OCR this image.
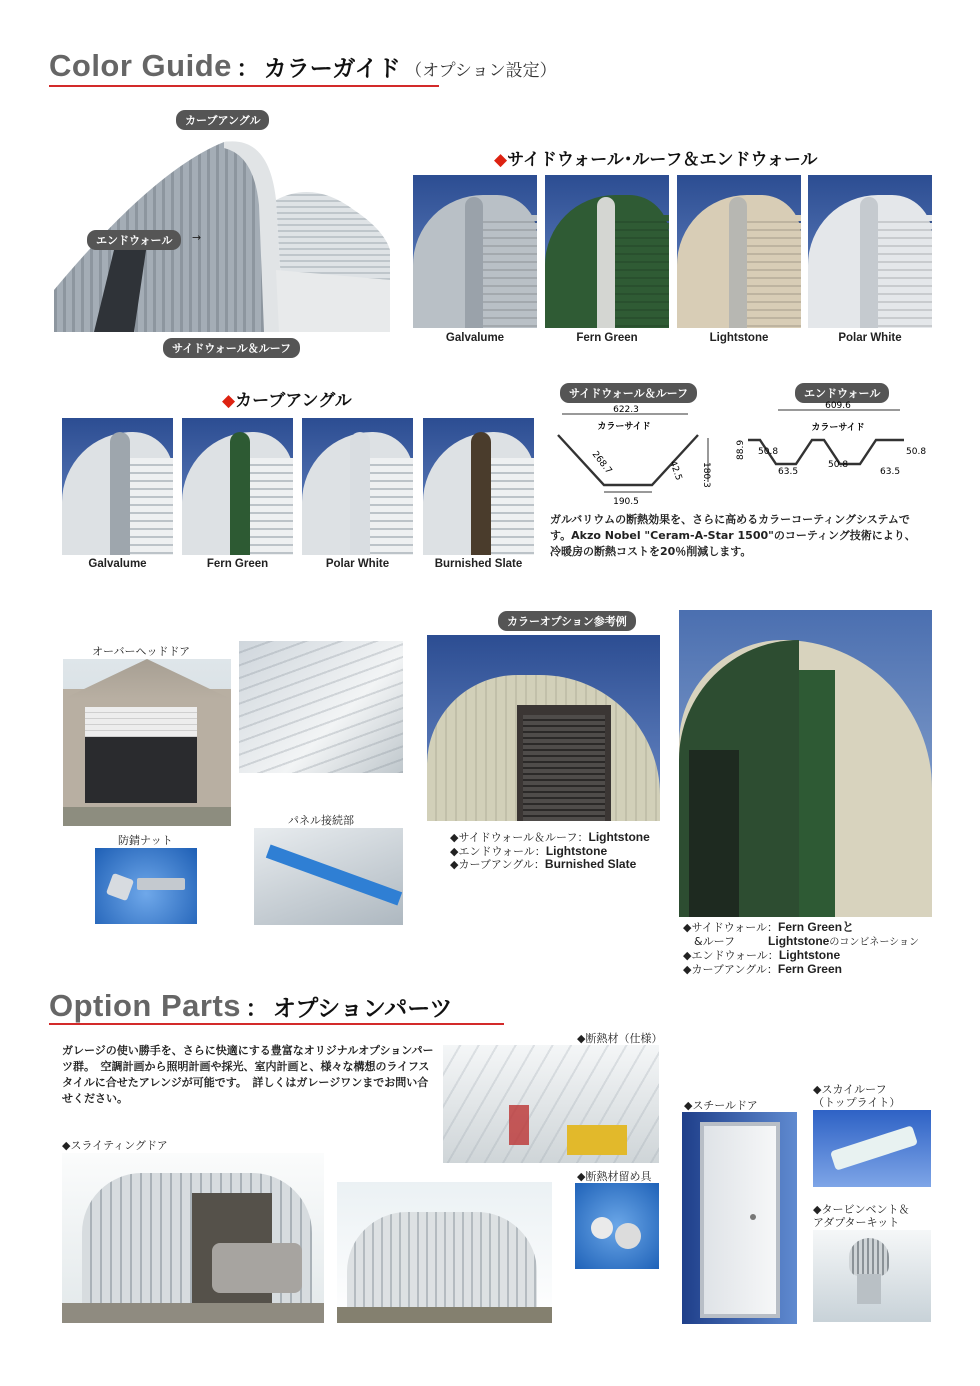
Color Guide ： カラーガイド （オプション設定）
カーブアングル
エンドウォール	→
サイドウォール＆ルーフ
◆サイドウォール･ルーフ＆エンドウォール
Galvalume	Fern Green	Lightstone	Polar White
◆カーブアングル
Galvalume	Fern Green	Polar White	Burnished Slate
サイドウォール＆ルーフ	エンドウォール
622.3
カラーサイド
268.7
190.5
42.5 180.3
609.6
カラーサイド
88.9 50.8
50.8
50.8
63.5	63.5
ガルバリウムの断熱効果を、さらに高めるカラーコーティングシステムです。Akzo Nobel "Ceram-A-Star 1500"のコーティング技術により、冷暖房の断熱コストを20％削減します。
オーバーヘッドドア
防錆ナット
パネル接続部
カラーオプション参考例
◆サイドウォール＆ルーフ：Lightstone
◆エンドウォール：Lightstone
◆カーブアングル：Burnished Slate
◆サイドウォール：Fern Greenと
　&ルーフ　　　	Lightstoneのコンビネーション
◆エンドウォール：Lightstone
◆カーブアングル：Fern Green
Option Parts ： オプションパーツ
ガレージの使い勝手を、さらに快適にする豊富なオリジナルオプションパーツ群。　空調計画から照明計画や採光、室内計画と、様々な構想のライフスタイルに合せたアレンジが可能です。　詳しくはガレージワンまでお問い合せください。
◆断熱材（仕様）
◆断熱材留め具
◆スライティングドア
◆スチールドア
◆スカイルーフ
（トップライト）
◆タービンベント＆
アダプターキット
